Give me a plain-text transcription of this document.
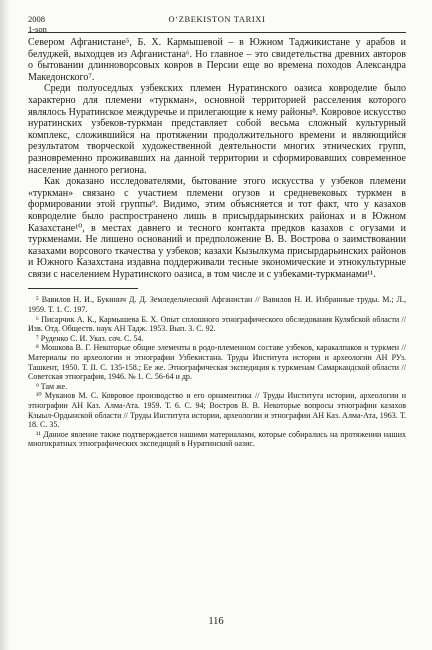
2008
1-son
O‘ZBEKISTON TARIXI

Севером Афганистане⁵, Б. Х. Кармышевой – в Южном Таджикистане у арабов и белуджей, выходцев из Афганистана⁶. Но главное – это свидетельства древних авторов о бытовании длинноворсовых ковров в Персии еще во времена походов Александра Македонского⁷.

Среди полуоседлых узбекских племен Нуратинского оазиса ковроделие было характерно для племени «туркман», основной территорией расселения которого являлось Нуратинское междуречье и прилегающие к нему районы⁸. Ковровое искусство нуратинских узбеков-туркман представляет собой весьма сложный культурный комплекс, сложившийся на протяжении продолжительного времени и являющийся результатом творческой художественной деятельности многих этнических групп, разновременно проживавших на данной территории и сформировавших современное население данного региона.

Как доказано исследователями, бытование этого искусства у узбеков племени «туркман» связано с участием племени огузов и средневековых туркмен в формировании этой группы⁹. Видимо, этим объясняется и тот факт, что у казахов ковроделие было распространено лишь в присырдарьинских районах и в Южном Казахстане¹⁰, в местах давнего и тесного контакта предков казахов с огузами и туркменами. Не лишено оснований и предположение В. В. Востpова о заимствовании казахами ворсового ткачества у узбеков; казахи Кызылкума присырдарьинских районов и Южного Казахстана издавна поддерживали тесные экономические и этнокультурные связи с населением Нуратинского оазиса, в том числе и с узбеками-туркманами¹¹.

⁵ Вавилов Н. И., Букиннч Д. Д. Земледельческий Афганистан // Вавилов Н. И. Избранные труды. М.; Л., 1959. Т. 1. С. 197.

⁶ Писарчик А. К., Кармышева Б. Х. Опыт сплошного этнографического обследования Кулябской области // Изв. Отд. Обществ. наук АН Тадж. 1953. Вып. 3. С. 92.

⁷ Руденко С. И. Указ. соч. С. 54.

⁸ Мошкова В. Г. Некоторые общие элементы в родо-племенном составе узбеков, каракалпаков и туркмен // Материалы по археологии и этнографии Узбекистана. Труды Института истории и археологии АН РУз. Ташкент, 1950. Т. II. С. 135-158.; Ее же. Этнографическая экспедиция к туркменам Самаркандской области // Советская этнография, 1946. № 1. С. 56-64 и др.

⁹ Там же.

¹⁰ Муканов М. С. Ковровое производство и его орнаментика // Труды Института истории, археологии и этнографии АН Каз. Алма-Ата. 1959. Т. 6. С. 94; Востров В. В. Некоторые вопросы этнографии казахов Кзыыл-Ордынской области // Труды Института истории, археологии и этнографии АН Каз. Алма-Ата, 1963. Т. 18. С. 35.

¹¹ Данное явление также подтверждается нашими материалами, которые собирались на протяжении наших многократных этнографических экспедиций в Нуратинский оазис.

116
